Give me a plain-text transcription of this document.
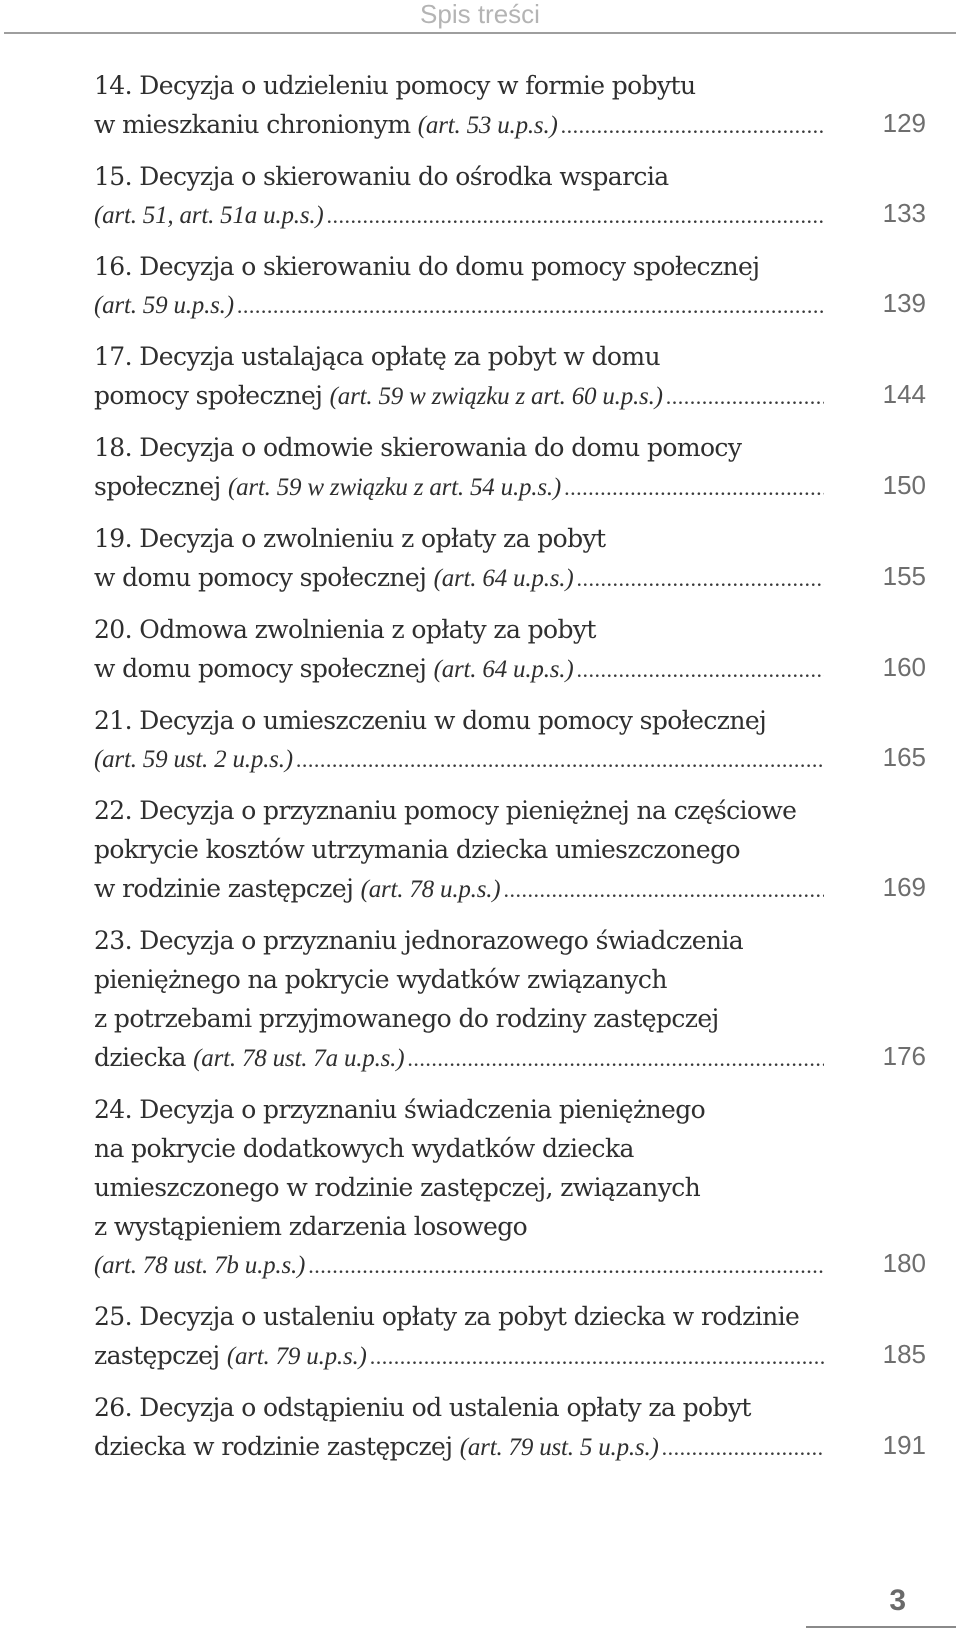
Spis treści
14. Decyzja o udzieleniu pomocy w formie pobytu
w mieszkaniu chronionym (art. 53 u.p.s.) .....	129
15. Decyzja o skierowaniu do ośrodka wsparcia
(art. 51, art. 51a u.p.s.) .....	133
16. Decyzja o skierowaniu do domu pomocy społecznej
(art. 59 u.p.s.) .....	139
17. Decyzja ustalająca opłatę za pobyt w domu
pomocy społecznej (art. 59 w związku z art. 60 u.p.s.) .....	144
18. Decyzja o odmowie skierowania do domu pomocy
społecznej (art. 59 w związku z art. 54 u.p.s.) .....	150
19. Decyzja o zwolnieniu z opłaty za pobyt
w domu pomocy społecznej (art. 64 u.p.s.) .....	155
20. Odmowa zwolnienia z opłaty za pobyt
w domu pomocy społecznej (art. 64 u.p.s.) .....	160
21. Decyzja o umieszczeniu w domu pomocy społecznej
(art. 59 ust. 2 u.p.s.) .....	165
22. Decyzja o przyznaniu pomocy pieniężnej na częściowe
pokrycie kosztów utrzymania dziecka umieszczonego
w rodzinie zastępczej (art. 78 u.p.s.) .....	169
23. Decyzja o przyznaniu jednorazowego świadczenia
pieniężnego na pokrycie wydatków związanych
z potrzebami przyjmowanego do rodziny zastępczej
dziecka (art. 78 ust. 7a u.p.s.) .....	176
24. Decyzja o przyznaniu świadczenia pieniężnego
na pokrycie dodatkowych wydatków dziecka
umieszczonego w rodzinie zastępczej, związanych
z wystąpieniem zdarzenia losowego
(art. 78 ust. 7b u.p.s.) .....	180
25. Decyzja o ustaleniu opłaty za pobyt dziecka w rodzinie
zastępczej (art. 79 u.p.s.) .....	185
26. Decyzja o odstąpieniu od ustalenia opłaty za pobyt
dziecka w rodzinie zastępczej (art. 79 ust. 5 u.p.s.) .....	191
3
